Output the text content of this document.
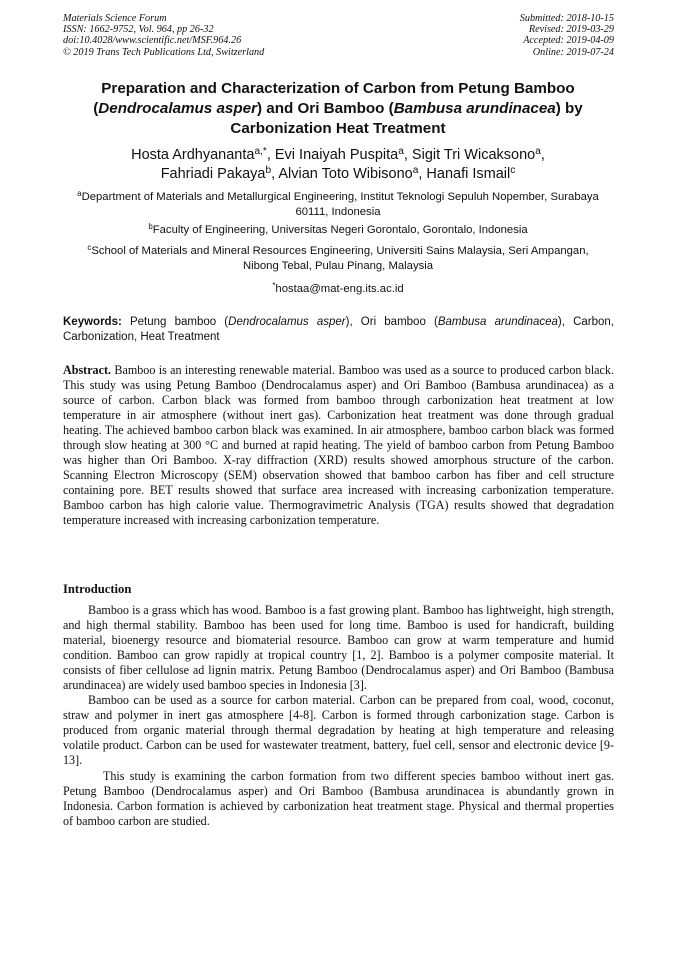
Materials Science Forum
ISSN: 1662-9752, Vol. 964, pp 26-32
doi:10.4028/www.scientific.net/MSF.964.26
© 2019 Trans Tech Publications Ltd, Switzerland
Submitted: 2018-10-15
Revised: 2019-03-29
Accepted: 2019-04-09
Online: 2019-07-24
Preparation and Characterization of Carbon from Petung Bamboo (Dendrocalamus asper) and Ori Bamboo (Bambusa arundinacea) by Carbonization Heat Treatment
Hosta Ardhyananta$^{a,*}$, Evi Inaiyah Puspita$^a$, Sigit Tri Wicaksono$^a$,
Fahriadi Pakaya$^b$, Alvian Toto Wibisono$^a$, Hanafi Ismail$^c$
$^a$Department of Materials and Metallurgical Engineering, Institut Teknologi Sepuluh Nopember, Surabaya 60111, Indonesia
$^b$Faculty of Engineering, Universitas Negeri Gorontalo, Gorontalo, Indonesia
$^c$School of Materials and Mineral Resources Engineering, Universiti Sains Malaysia, Seri Ampangan, Nibong Tebal, Pulau Pinang, Malaysia
*hostaa@mat-eng.its.ac.id
Keywords: Petung bamboo (Dendrocalamus asper), Ori bamboo (Bambusa arundinacea), Carbon, Carbonization, Heat Treatment
Abstract. Bamboo is an interesting renewable material. Bamboo was used as a source to produced carbon black. This study was using Petung Bamboo (Dendrocalamus asper) and Ori Bamboo (Bambusa arundinacea) as a source of carbon. Carbon black was formed from bamboo through carbonization heat treatment at low temperature in air atmosphere (without inert gas). Carbonization heat treatment was done through gradual heating. The achieved bamboo carbon black was examined. In air atmosphere, bamboo carbon black was formed through slow heating at 300 °C and burned at rapid heating. The yield of bamboo carbon from Petung Bamboo was higher than Ori Bamboo. X-ray diffraction (XRD) results showed amorphous structure of the carbon. Scanning Electron Microscopy (SEM) observation showed that bamboo carbon has fiber and cell structure containing pore. BET results showed that surface area increased with increasing carbonization temperature. Bamboo carbon has high calorie value. Thermogravimetric Analysis (TGA) results showed that degradation temperature increased with increasing carbonization temperature.
Introduction

Bamboo is a grass which has wood. Bamboo is a fast growing plant. Bamboo has lightweight, high strength, and high thermal stability. Bamboo has been used for long time. Bamboo is used for handicraft, building material, bioenergy resource and biomaterial resource. Bamboo can grow at warm temperature and humid condition. Bamboo can grow rapidly at tropical country [1, 2]. Bamboo is a polymer composite material. It consists of fiber cellulose ad lignin matrix. Petung Bamboo (Dendrocalamus asper) and Ori Bamboo (Bambusa arundinacea) are widely used bamboo species in Indonesia [3].

Bamboo can be used as a source for carbon material. Carbon can be prepared from coal, wood, coconut, straw and polymer in inert gas atmosphere [4-8]. Carbon is formed through carbonization stage. Carbon is produced from organic material through thermal degradation by heating at high temperature and releasing volatile product. Carbon can be used for wastewater treatment, battery, fuel cell, sensor and electronic device [9-13].

This study is examining the carbon formation from two different species bamboo without inert gas. Petung Bamboo (Dendrocalamus asper) and Ori Bamboo (Bambusa arundinacea is abundantly grown in Indonesia. Carbon formation is achieved by carbonization heat treatment stage. Physical and thermal properties of bamboo carbon are studied.
